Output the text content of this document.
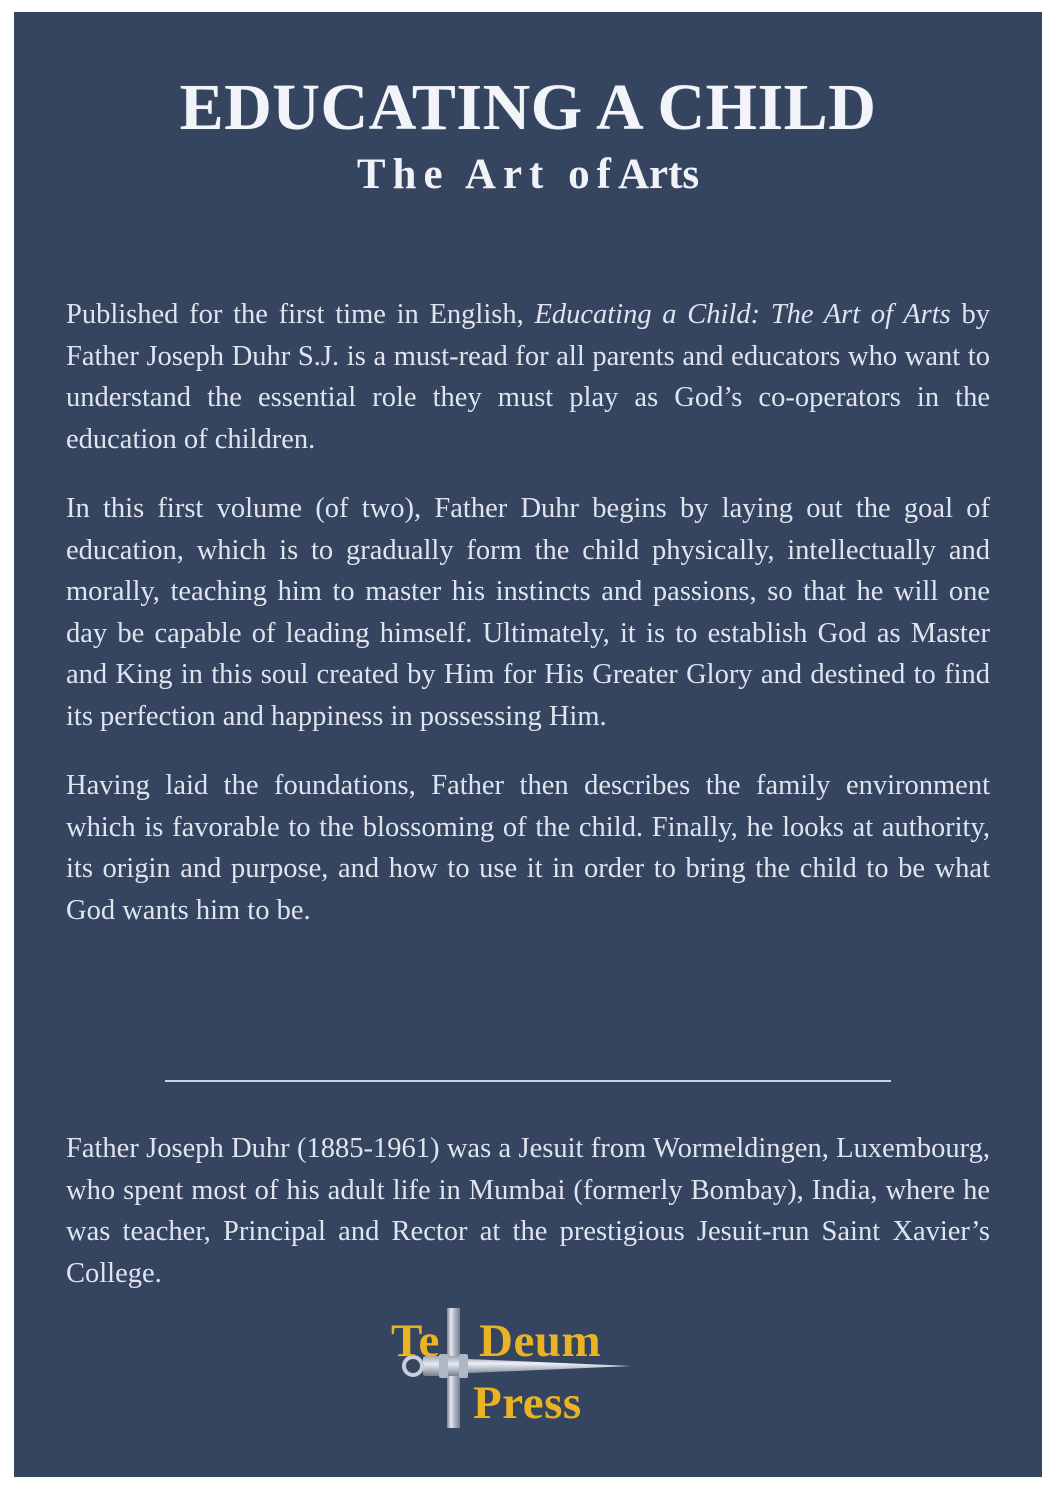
EDUCATING A CHILD
The Art ofArts

Published for the first time in English, Educating a Child: The Art of Arts by Father Joseph Duhr S.J. is a must-read for all parents and educators who want to understand the essential role they must play as God’s co-operators in the education of children.

In this first volume (of two), Father Duhr begins by laying out the goal of education, which is to gradually form the child physically, intellectually and morally, teaching him to master his instincts and passions, so that he will one day be capable of leading himself. Ultimately, it is to establish God as Master and King in this soul created by Him for His Greater Glory and destined to find its perfection and happiness in possessing Him.

Having laid the foundations, Father then describes the family environment which is favorable to the blossoming of the child. Finally, he looks at authority, its origin and purpose, and how to use it in order to bring the child to be what God wants him to be.

Father Joseph Duhr (1885-1961) was a Jesuit from Wormeldingen, Luxembourg, who spent most of his adult life in Mumbai (formerly Bombay), India, where he was teacher, Principal and Rector at the prestigious Jesuit-run Saint Xavier’s College.

Te Deum
Press
